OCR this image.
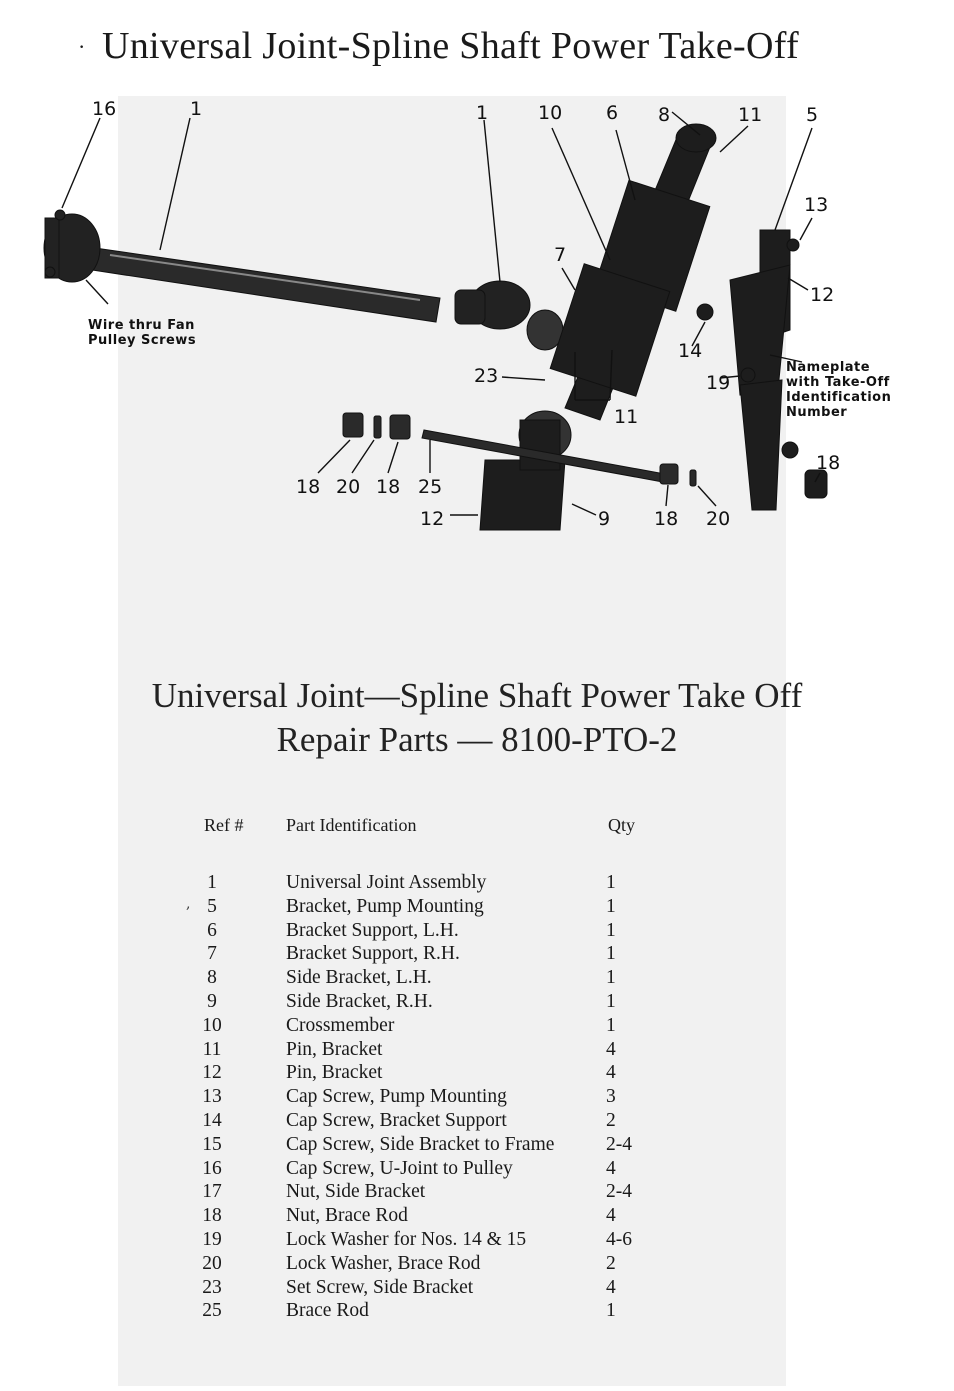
· Universal Joint-Spline Shaft Power Take-Off
16	1	1	10 6 8	11 5
13
7
12
14
19
23
11
18 20 18 25
12	9 18 20
18
Wire thru Fan
Pulley Screws
Nameplate
with Take-Off
Identification
Number
Universal Joint—Spline Shaft Power Take Off
Repair Parts — 8100-PTO-2
Ref # Part Identification	Qty
1	Universal Joint Assembly	1
5	Bracket, Pump Mounting	1
6	Bracket Support, L.H.	1
7	Bracket Support, R.H.	1
8	Side Bracket, L.H.	1
9	Side Bracket, R.H.	1
10	Crossmember	1
11	Pin, Bracket	4
12	Pin, Bracket	4
13	Cap Screw, Pump Mounting	3
14	Cap Screw, Bracket Support	2
15	Cap Screw, Side Bracket to Frame	2-4
16	Cap Screw, U-Joint to Pulley	4
17	Nut, Side Bracket	2-4
18	Nut, Brace Rod	4
19	Lock Washer for Nos. 14 & 15	4-6
20	Lock Washer, Brace Rod	2
23	Set Screw, Side Bracket	4
25	Brace Rod	1
,
